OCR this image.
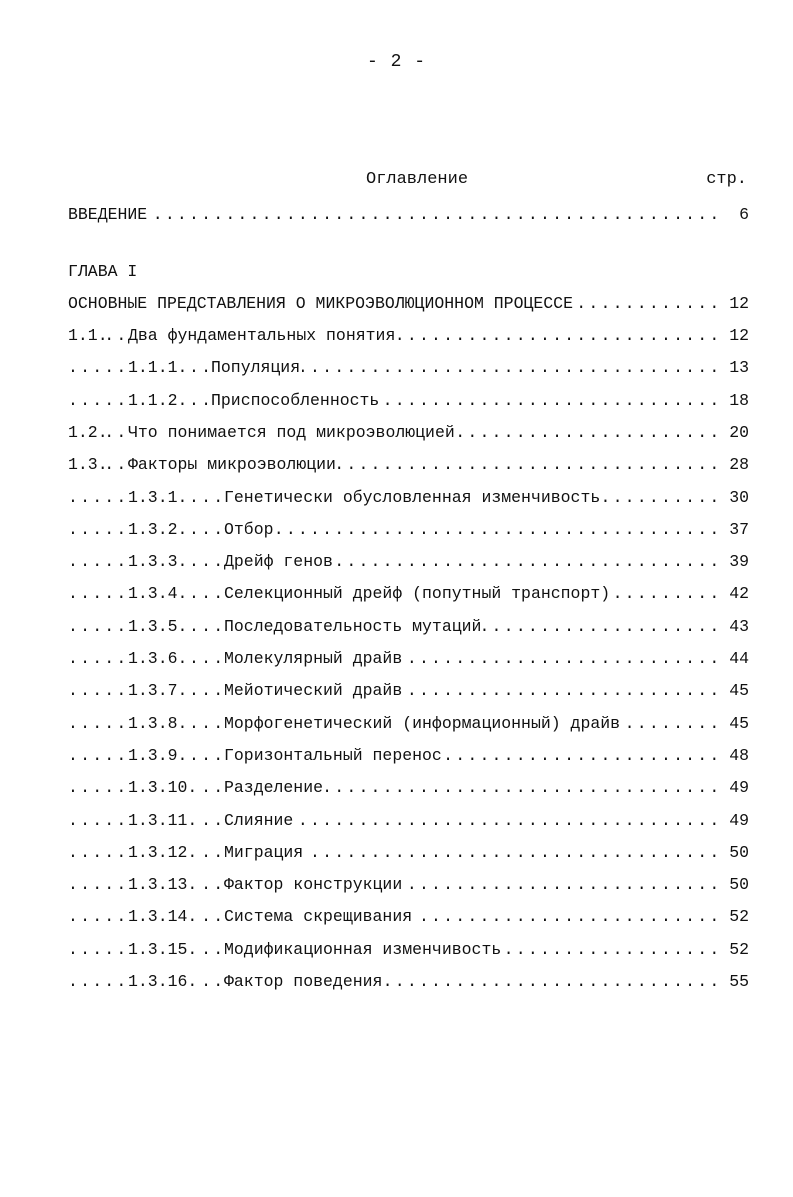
- 2 -
Оглавление	стр.
.....
ВВЕДЕНИЕ	6
ГЛАВА I
.....
ОСНОВНЫЕ ПРЕДСТАВЛЕНИЯ О МИКРОЭВОЛЮЦИОННОМ ПРОЦЕССЕ	12
.....
1.1. Два фундаментальных понятия	12
.....
1.1.1. Популяция	13
.....
1.1.2. Приспособленность	18
.....
1.2. Что понимается под микроэволюцией	20
.....
1.3. Факторы микроэволюции	28
.....
1.3.1. Генетически обусловленная изменчивость	30
.....
1.3.2. Отбор	37
.....
1.3.3. Дрейф генов	39
.....
1.3.4. Селекционный дрейф (попутный транспорт)	42
.....
1.3.5. Последовательность мутаций	43
.....
1.3.6. Молекулярный драйв	44
.....
1.3.7. Мейотический драйв	45
.....
1.3.8. Морфогенетический (информационный) драйв	45
.....
1.3.9. Горизонтальный перенос	48
.....
1.3.10. Разделение	49
.....
1.3.11. Слияние	49
.....
1.3.12. Миграция	50
.....
1.3.13. Фактор конструкции	50
.....
1.3.14. Система скрещивания	52
.....
1.3.15. Модификационная изменчивость	52
.....
1.3.16. Фактор поведения	55
